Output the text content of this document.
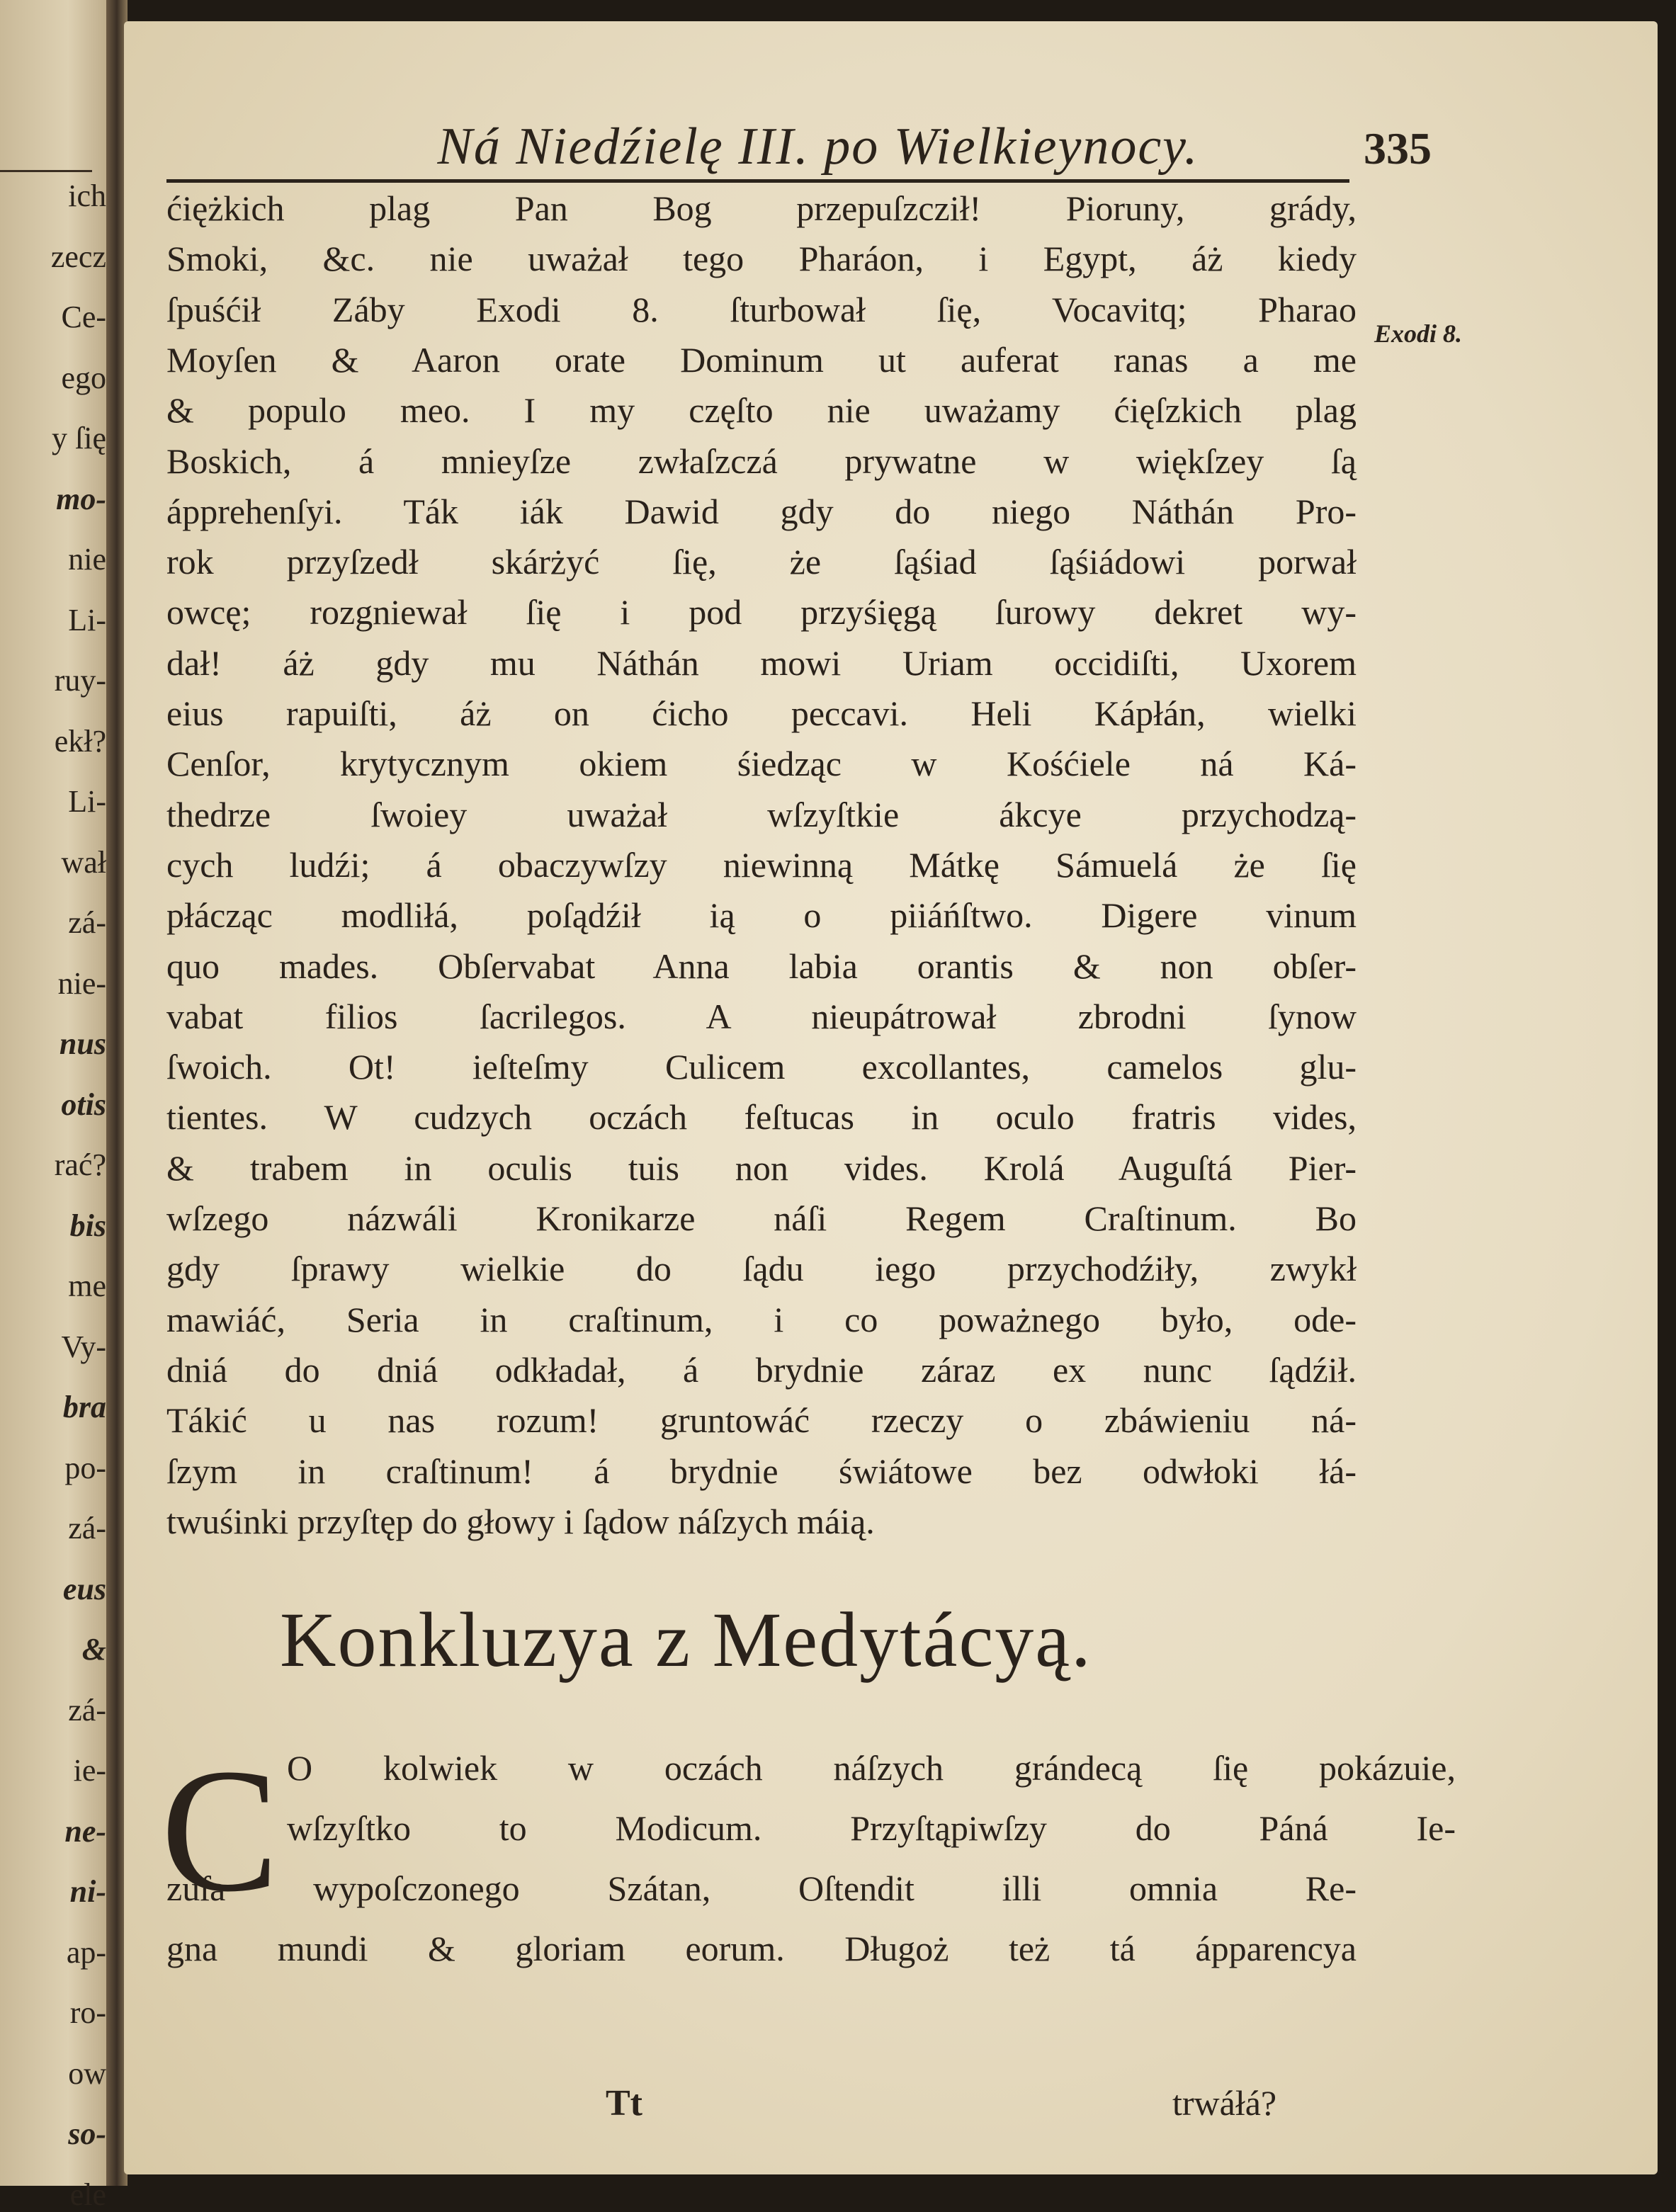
ich
zecz
Ce-
ego
y ſię
mo-
nie
Li-
ruy-
ekł?
Li-
wał
zá-
nie-
nus
otis
rać?
bis
me
Vy-
bra
po-
zá-
eus
&
zá-
ie-
ne-
ni-
ap-
ro-
ow
so-
ele
Ná Niedźielę III. po Wielkieynocy.	335
Exodi 8.
ćiężkich plag Pan Bog przepuſzcził! Pioruny, grády,
Smoki, &c. nie uważał tego Pharáon, i Egypt, áż kiedy
ſpuśćił Záby Exodi 8. ſturbował ſię, Vocavitq; Pharao
Moyſen & Aaron orate Dominum ut auferat ranas a me
& populo meo. I my częſto nie uważamy ćięſzkich plag
Boskich, á mnieyſze zwłaſzczá prywatne w więkſzey ſą
ápprehenſyi. Ták iák Dawid gdy do niego Náthán Pro-
rok przyſzedł skárżyć ſię, że ſąśiad ſąśiádowi porwał
owcę; rozgniewał ſię i pod przyśięgą ſurowy dekret wy-
dał! áż gdy mu Náthán mowi Uriam occidiſti, Uxorem
eius rapuiſti, áż on ćicho peccavi. Heli Kápłán, wielki
Cenſor, krytycznym okiem śiedząc w Kośćiele ná Ká-
thedrze ſwoiey uważał wſzyſtkie ákcye przychodzą-
cych ludźi; á obaczywſzy niewinną Mátkę Sámuelá że ſię
płácząc modliłá, poſądźił ią o piiáńſtwo. Digere vinum
quo mades. Obſervabat Anna labia orantis & non obſer-
vabat filios ſacrilegos. A nieupátrował zbrodni ſynow
ſwoich. Ot! ieſteſmy Culicem excollantes, camelos glu-
tientes. W cudzych oczách feſtucas in oculo fratris vides,
& trabem in oculis tuis non vides. Krolá Auguſtá Pier-
wſzego názwáli Kronikarze náſi Regem Craſtinum. Bo
gdy ſprawy wielkie do ſądu iego przychodźiły, zwykł
mawiáć, Seria in craſtinum, i co poważnego było, ode-
dniá do dniá odkładał, á brydnie záraz ex nunc ſądźił.
Tákić u nas rozum! gruntowáć rzeczy o zbáwieniu ná-
ſzym in craſtinum! á brydnie świátowe bez odwłoki łá-
twuśinki przyſtęp do głowy i ſądow náſzych máią.
Konkluzya z Medytácyą.
C O kolwiek w oczách náſzych grándecą ſię pokázuie,
wſzyſtko to Modicum. Przyſtąpiwſzy do Páná Ie-
zuſa wypoſczonego Szátan, Oſtendit illi omnia Re-
gna mundi & gloriam eorum. Długoż też tá ápparencya
Tt	trwáłá?
